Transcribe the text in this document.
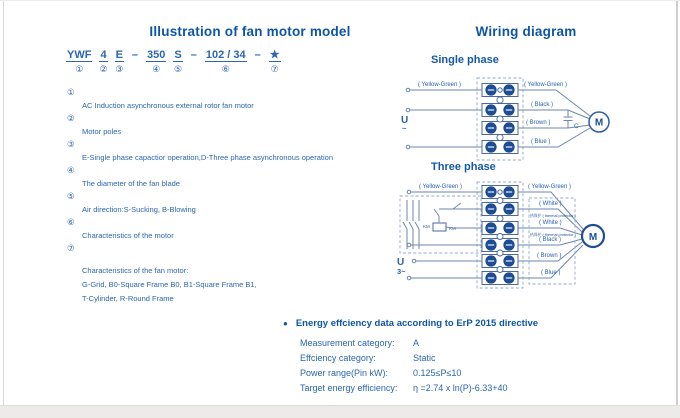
Illustration of fan motor model
YWF
①
4
②
E
③
– 350
④
S
⑤
– 102 / 34
⑥
– ★
⑦
①
AC Induction asynchronous external rotor fan motor
②
Motor poles
③
E-Single phase capactior operation,D-Three phase asynchronous operation
④
The diameter of the fan blade
⑤
Air direction:S-Sucking, B-Blowing
⑥
Characteristics of the motor
⑦
Characteristics of the fan motor:
G-Grid, B0-Square Frame B0, B1-Square Frame B1,
T-Cylinder, R-Round Frame
Wiring diagram
Single phase
( Yellow-Green )
U
~	C
( Yellow-Green )
( Black )
( Brown )
( Blue )
M
Three phase
( Yellow-Green )
KM	KM
U
3~
( Yellow-Green )
( White )
热保护 ( thermal protector )
( White )
热保护 ( thermal protector )
( Black )
( Brown )
( Blue )
M
● Energy effciency data according to ErP 2015 directive
Measurement category:	A
Effciency category:	Static
Power range(Pin kW):	0.125≤P≤10
Target energy efficiency:	η =2.74 x ln(P)-6.33+40
